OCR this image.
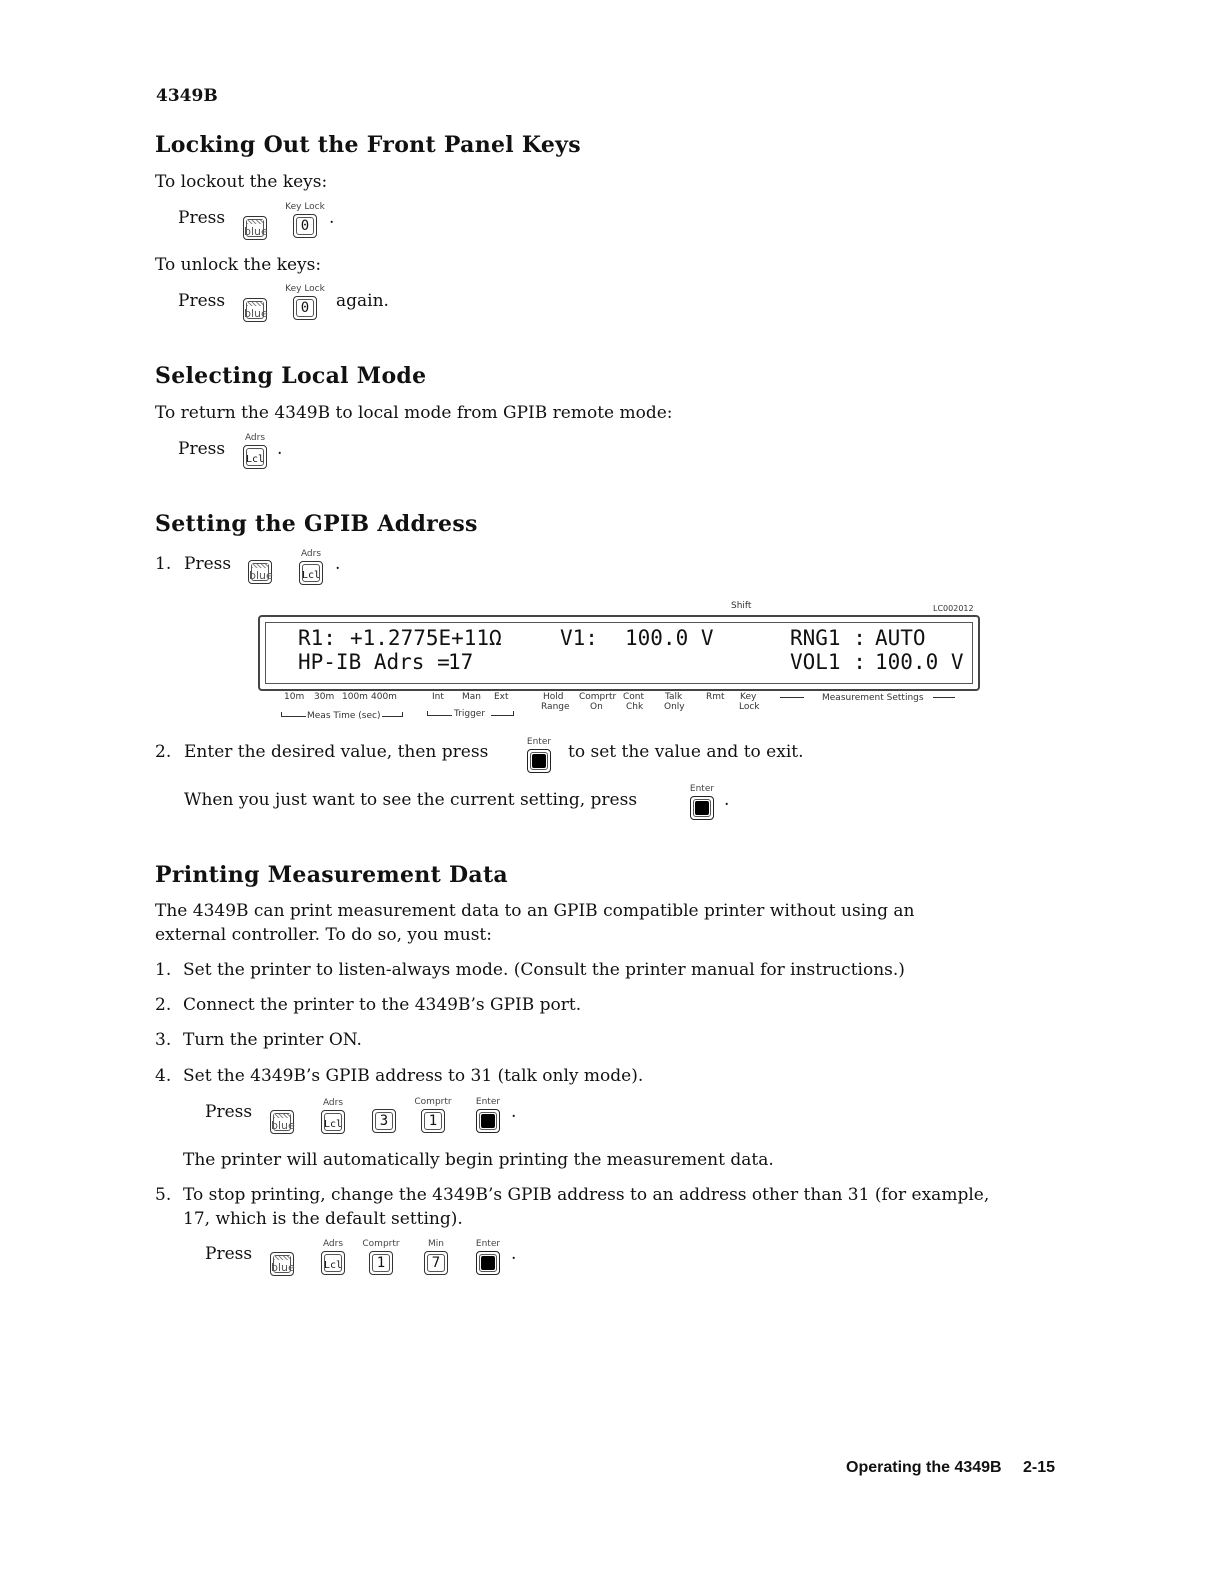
4349B
Locking Out the Front Panel Keys
To lockout the keys:
Press
blue
Key Lock
0	.
To unlock the keys:
Press
blue
Key Lock
0	again.
Selecting Local Mode
To return the 4349B to local mode from GPIB remote mode:
Press
Adrs
Lcl
.
Setting the GPIB Address
1. Press
blue
Adrs
Lcl
.
Shift	LC002012
R1: +1.2775E+11 Ω	V1: 100.0 V	RNG1 : AUTO
HP-IB Adrs =
17	VOL1 : 100.0 V
10m 30m 100m 400m	Int Man Ext	Hold
Range
Comprtr
On
Cont
Chk
Talk
Only
Rmt Key
Lock
Measurement Settings
Meas Time (sec)	Trigger
2. Enter the desired value, then press	Enter to set the value and to exit.
When you just want to see the current setting, press
Enter
.
Printing Measurement Data
The 4349B can print measurement data to an GPIB compatible printer without using an
external controller. To do so, you must:
1. Set the printer to listen-always mode. (Consult the printer manual for instructions.)
2. Connect the printer to the 4349B’s GPIB port.
3. Turn the printer ON.
4. Set the 4349B’s GPIB address to 31 (talk only mode).
Press
blue
Adrs
Lcl	3
Comprtr
1
Enter .
The printer will automatically begin printing the measurement data.
5. To stop printing, change the 4349B’s GPIB address to an address other than 31 (for example,
17, which is the default setting).
Press
blue
Adrs
Lcl
Comprtr
1
Min
7
Enter .
Operating the 4349B 2-15
